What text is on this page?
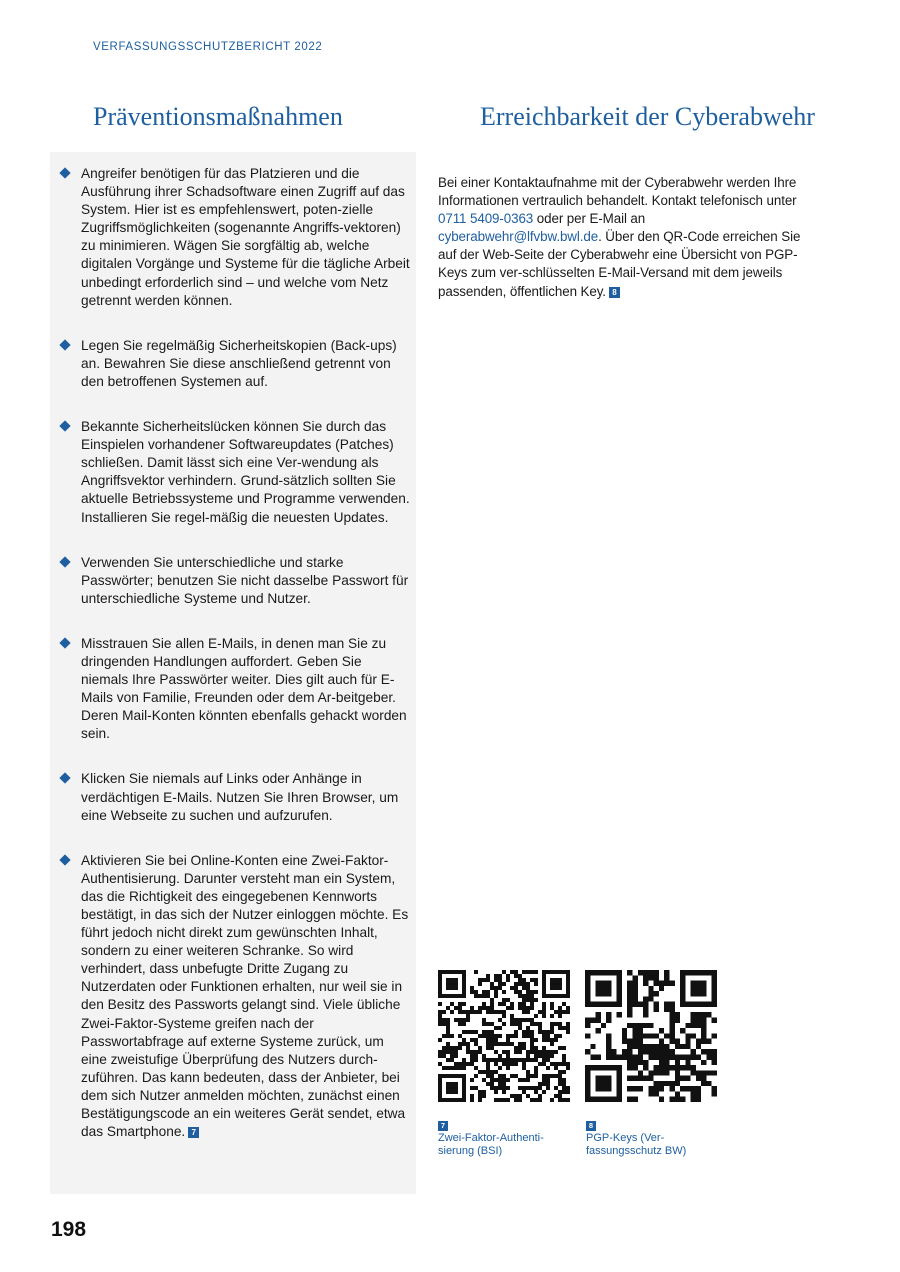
VERFASSUNGSSCHUTZBERICHT 2022
Präventionsmaßnahmen	Erreichbarkeit der Cyberabwehr
Angreifer benötigen für das Platzieren und die Ausführung ihrer Schadsoftware einen Zugriff auf das System. Hier ist es empfehlenswert, poten-zielle Zugriffsmöglichkeiten (sogenannte Angriffs-vektoren) zu minimieren. Wägen Sie sorgfältig ab, welche digitalen Vorgänge und Systeme für die tägliche Arbeit unbedingt erforderlich sind – und welche vom Netz getrennt werden können.
Legen Sie regelmäßig Sicherheitskopien (Back-ups) an. Bewahren Sie diese anschließend getrennt von den betroffenen Systemen auf.
Bekannte Sicherheitslücken können Sie durch das Einspielen vorhandener Softwareupdates (Patches) schließen. Damit lässt sich eine Ver-wendung als Angriffsvektor verhindern. Grund-sätzlich sollten Sie aktuelle Betriebssysteme und Programme verwenden. Installieren Sie regel-mäßig die neuesten Updates.
Verwenden Sie unterschiedliche und starke Passwörter; benutzen Sie nicht dasselbe Passwort für unterschiedliche Systeme und Nutzer.
Misstrauen Sie allen E-Mails, in denen man Sie zu dringenden Handlungen auffordert. Geben Sie niemals Ihre Passwörter weiter. Dies gilt auch für E-Mails von Familie, Freunden oder dem Ar-beitgeber. Deren Mail-Konten könnten ebenfalls gehackt worden sein.
Klicken Sie niemals auf Links oder Anhänge in verdächtigen E-Mails. Nutzen Sie Ihren Browser, um eine Webseite zu suchen und aufzurufen.
Aktivieren Sie bei Online-Konten eine Zwei-Faktor-Authentisierung. Darunter versteht man ein System, das die Richtigkeit des eingegebenen Kennworts bestätigt, in das sich der Nutzer einloggen möchte. Es führt jedoch nicht direkt zum gewünschten Inhalt, sondern zu einer weiteren Schranke. So wird verhindert, dass unbefugte Dritte Zugang zu Nutzerdaten oder Funktionen erhalten, nur weil sie in den Besitz des Passworts gelangt sind. Viele übliche Zwei-Faktor-Systeme greifen nach der Passwortabfrage auf externe Systeme zurück, um eine zweistufige Überprüfung des Nutzers durch-zuführen. Das kann bedeuten, dass der Anbieter, bei dem sich Nutzer anmelden möchten, zunächst einen Bestätigungscode an ein weiteres Gerät sendet, etwa das Smartphone. 7
Bei einer Kontaktaufnahme mit der Cyberabwehr werden Ihre Informationen vertraulich behandelt. Kontakt telefonisch unter 0711 5409-0363 oder per E-Mail an cyberabwehr@lfvbw.bwl.de. Über den QR-Code erreichen Sie auf der Web-Seite der Cyberabwehr eine Übersicht von PGP-Keys zum ver-schlüsselten E-Mail-Versand mit dem jeweils passenden, öffentlichen Key. 8
7Zwei-Faktor-Authenti-sierung (BSI)
8PGP-Keys (Ver-fassungsschutz BW)
198
